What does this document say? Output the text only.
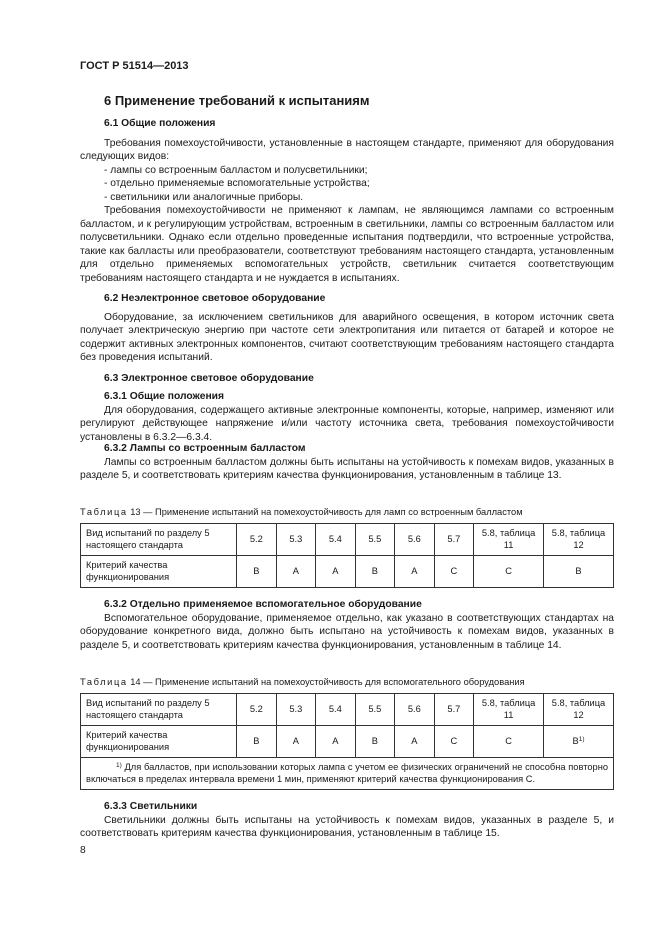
ГОСТ Р 51514—2013
6 Применение требований к испытаниям
6.1 Общие положения

Требования помехоустойчивости, установленные в настоящем стандарте, применяют для оборудования следующих видов:

- лампы со встроенным балластом и полусветильники;

- отдельно применяемые вспомогательные устройства;

- светильники или аналогичные приборы.

Требования помехоустойчивости не применяют к лампам, не являющимся лампами со встроенным балластом, и к регулирующим устройствам, встроенным в светильники, лампы со встроенным балластом или полусветильники. Однако если отдельно проведенные испытания подтвердили, что встроенные устройства, такие как балласты или преобразователи, соответствуют требованиям настоящего стандарта, установленным для отдельно применяемых вспомогательных устройств, светильник считается соответствующим требованиям настоящего стандарта и не нуждается в испытаниях.

6.2 Неэлектронное световое оборудование

Оборудование, за исключением светильников для аварийного освещения, в котором источник света получает электрическую энергию при частоте сети электропитания или питается от батарей и которое не содержит активных электронных компонентов, считают соответствующим требованиям настоящего стандарта без проведения испытаний.

6.3 Электронное световое оборудование
6.3.1 Общие положения

Для оборудования, содержащего активные электронные компоненты, которые, например, изменяют или регулируют действующее напряжение и/или частоту источника света, требования помехоустойчивости установлены в 6.3.2—6.3.4.

6.3.2 Лампы со встроенным балластом

Лампы со встроенным балластом должны быть испытаны на устойчивость к помехам видов, указанных в разделе 5, и соответствовать критериям качества функционирования, установленным в таблице 13.

Таблица 13 — Применение испытаний на помехоустойчивость для ламп со встроенным балластом
Вид испытаний по разделу 5 настоящего стандарта	5.2	5.3	5.4	5.5	5.6	5.7	5.8, таблица 11	5.8, таблица 12
Критерий качества функционирования	B	A	A	B	A	C	C	B
6.3.2 Отдельно применяемое вспомогательное оборудование

Вспомогательное оборудование, применяемое отдельно, как указано в соответствующих стандартах на оборудование конкретного вида, должно быть испытано на устойчивость к помехам видов, указанных в разделе 5, и соответствовать критериям качества функционирования, установленным в таблице 14.

Таблица 14 — Применение испытаний на помехоустойчивость для вспомогательного оборудования
Вид испытаний по разделу 5 настоящего стандарта	5.2	5.3	5.4	5.5	5.6	5.7	5.8, таблица 11	5.8, таблица 12
Критерий качества функционирования	B	A	A	B	A	C	C	$B^{1)}$
$^{1)}$ Для балластов, при использовании которых лампа с учетом ее физических ограничений не способна повторно включаться в пределах интервала времени 1 мин, применяют критерий качества функционирования C.								
6.3.3 Светильники

Светильники должны быть испытаны на устойчивость к помехам видов, указанных в разделе 5, и соответствовать критериям качества функционирования, установленным в таблице 15.

8
